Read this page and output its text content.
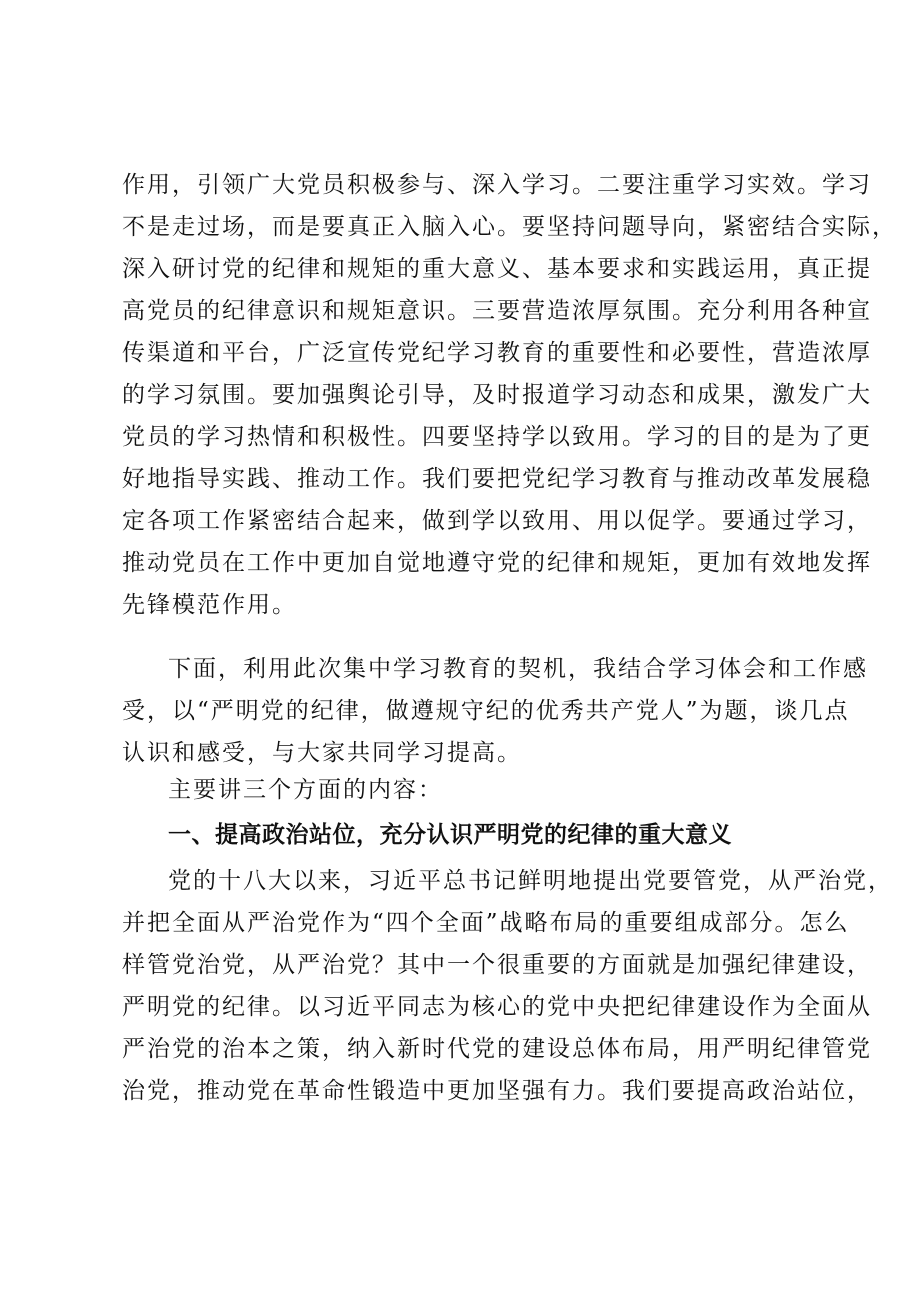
作用，引领广大党员积极参与、深入学习。二要注重学习实效。学习
不是走过场，而是要真正入脑入心。要坚持问题导向，紧密结合实际，
深入研讨党的纪律和规矩的重大意义、基本要求和实践运用，真正提
高党员的纪律意识和规矩意识。三要营造浓厚氛围。充分利用各种宣
传渠道和平台，广泛宣传党纪学习教育的重要性和必要性，营造浓厚
的学习氛围。要加强舆论引导，及时报道学习动态和成果，激发广大
党员的学习热情和积极性。四要坚持学以致用。学习的目的是为了更
好地指导实践、推动工作。我们要把党纪学习教育与推动改革发展稳
定各项工作紧密结合起来，做到学以致用、用以促学。要通过学习，
推动党员在工作中更加自觉地遵守党的纪律和规矩，更加有效地发挥
先锋模范作用。
下面，利用此次集中学习教育的契机，我结合学习体会和工作感
受，以“严明党的纪律，做遵规守纪的优秀共产党人”为题，谈几点
认识和感受，与大家共同学习提高。
主要讲三个方面的内容：
一、提高政治站位，充分认识严明党的纪律的重大意义
党的十八大以来，习近平总书记鲜明地提出党要管党，从严治党，
并把全面从严治党作为“四个全面”战略布局的重要组成部分。怎么
样管党治党，从严治党？其中一个很重要的方面就是加强纪律建设，
严明党的纪律。以习近平同志为核心的党中央把纪律建设作为全面从
严治党的治本之策，纳入新时代党的建设总体布局，用严明纪律管党
治党，推动党在革命性锻造中更加坚强有力。我们要提高政治站位，
